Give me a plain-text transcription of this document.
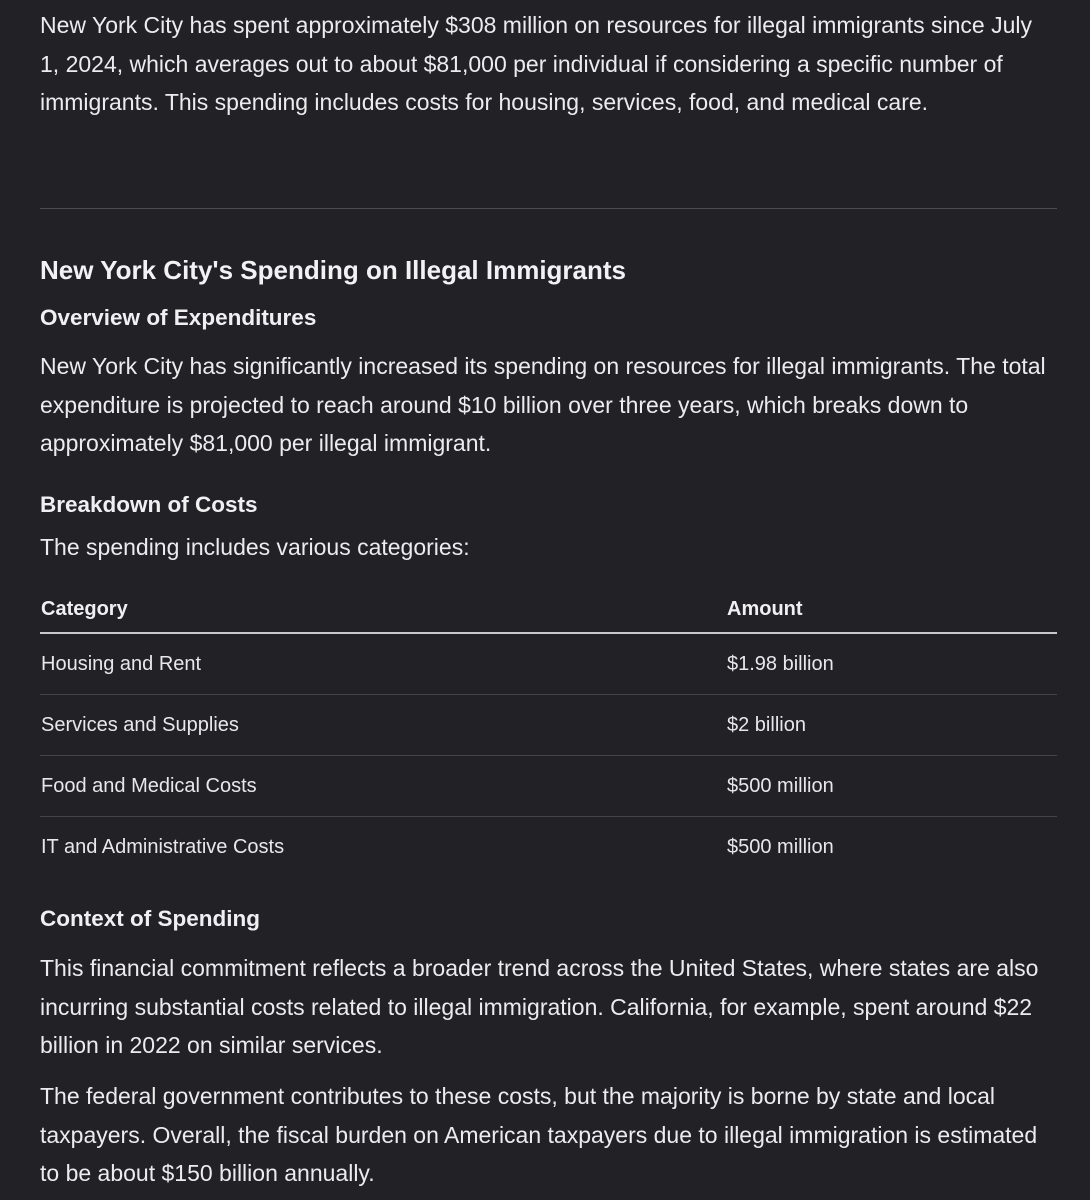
New York City has spent approximately $308 million on resources for illegal immigrants since July 1, 2024, which averages out to about $81,000 per individual if considering a specific number of immigrants. This spending includes costs for housing, services, food, and medical care.

New York City's Spending on Illegal Immigrants
Overview of Expenditures

New York City has significantly increased its spending on resources for illegal immigrants. The total expenditure is projected to reach around $10 billion over three years, which breaks down to approximately $81,000 per illegal immigrant.

Breakdown of Costs

The spending includes various categories:

Category	Amount
Housing and Rent	$1.98 billion
Services and Supplies	$2 billion
Food and Medical Costs	$500 million
IT and Administrative Costs	$500 million
Context of Spending

This financial commitment reflects a broader trend across the United States, where states are also incurring substantial costs related to illegal immigration. California, for example, spent around $22 billion in 2022 on similar services.

The federal government contributes to these costs, but the majority is borne by state and local taxpayers. Overall, the fiscal burden on American taxpayers due to illegal immigration is estimated to be about $150 billion annually.
